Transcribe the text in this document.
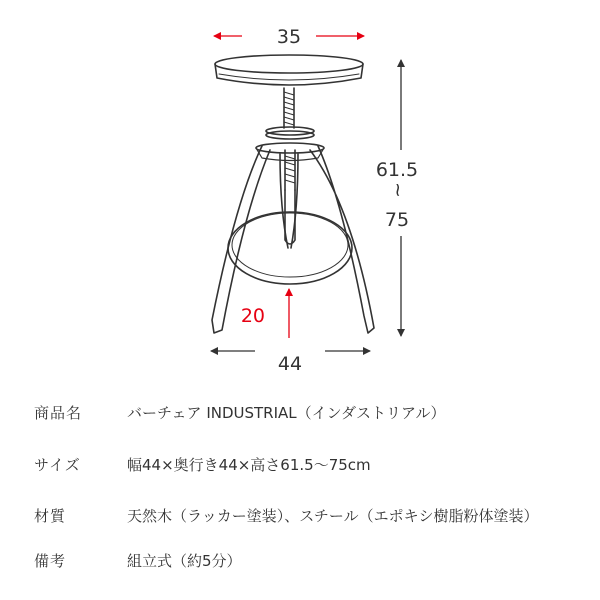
35
44
20
61.5
~
75
商品名	バーチェア INDUSTRIAL（インダストリアル）
サイズ	幅44×奥行き44×高さ61.5〜75cm
材質	天然木（ラッカー塗装）、スチール（エポキシ樹脂粉体塗装）
備考	組立式（約5分）
